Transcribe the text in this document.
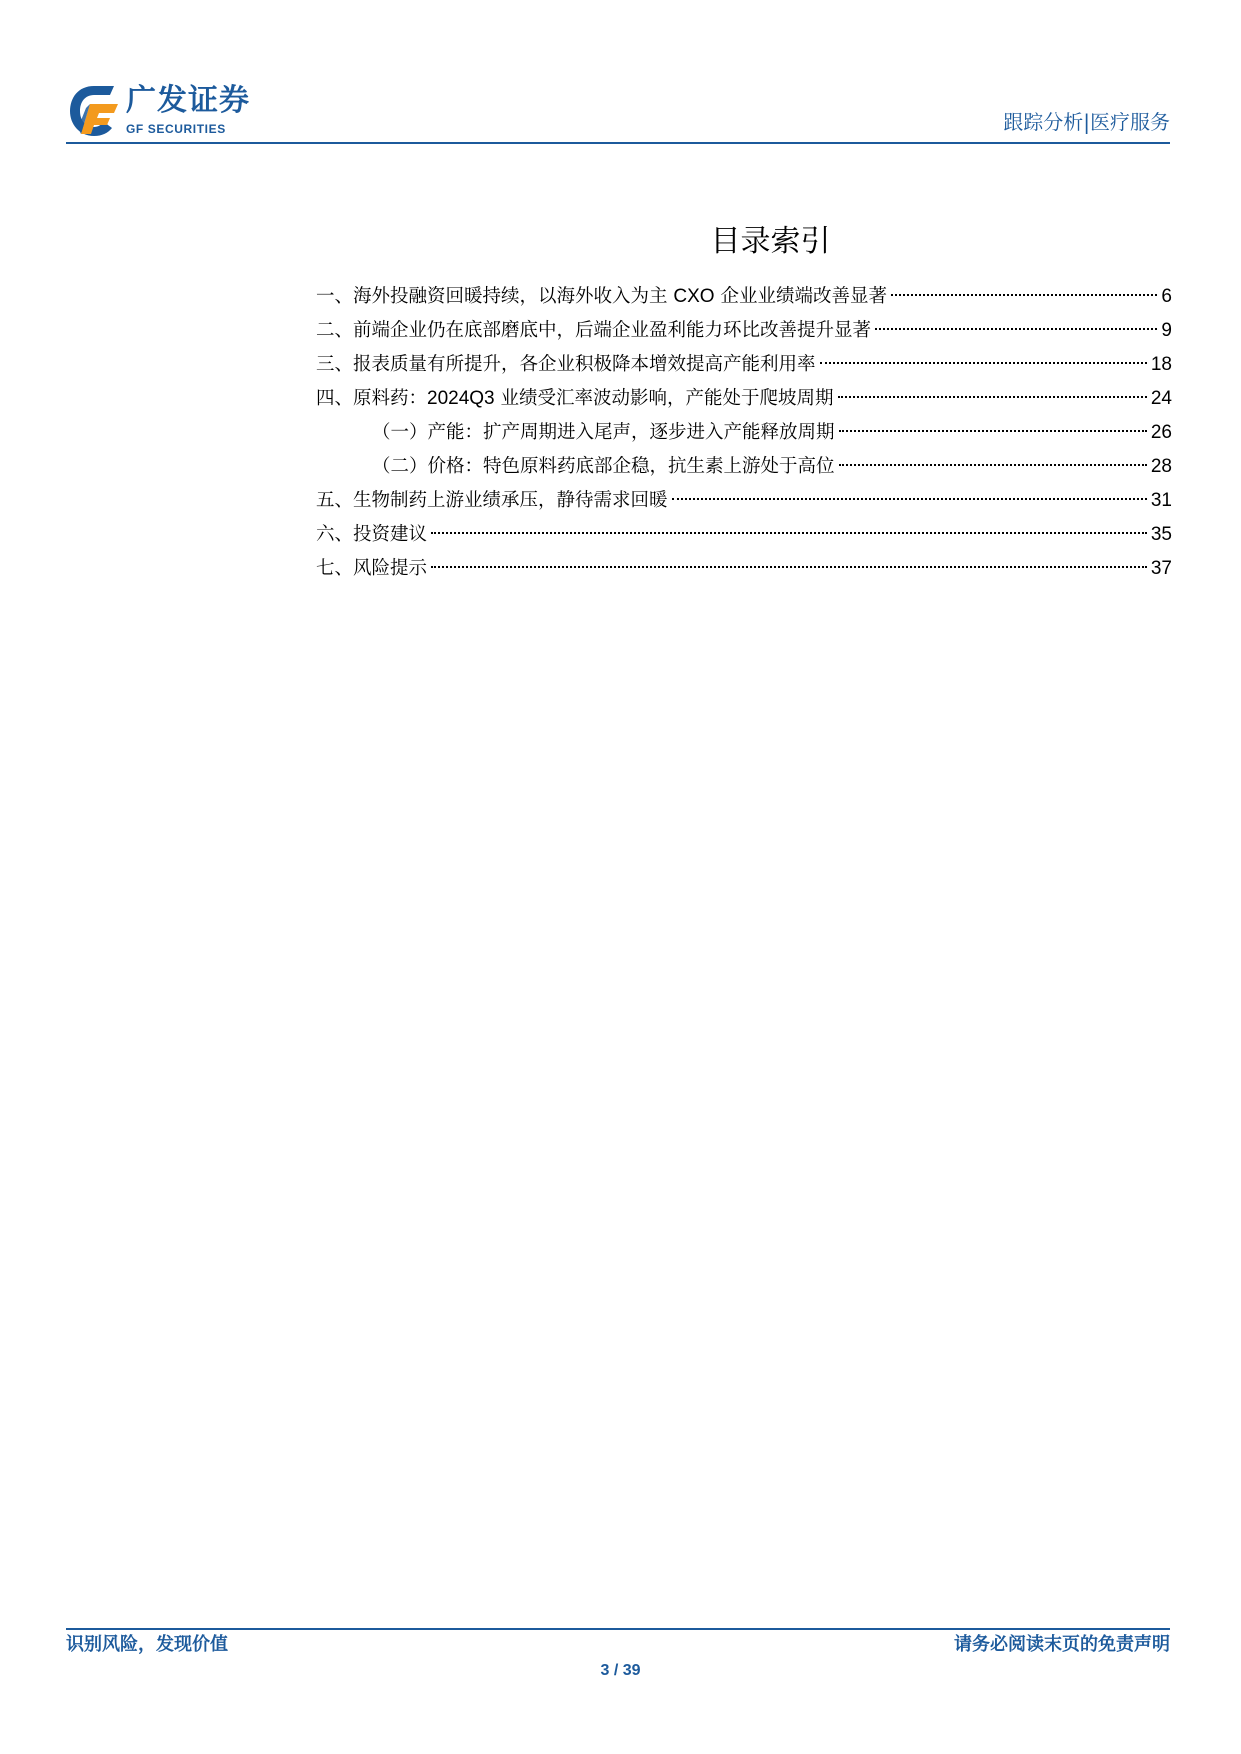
广发证券
GF SECURITIES	跟踪分析|医疗服务
目录索引
一、海外投融资回暖持续，以海外收入为主 CXO 企业业绩端改善显著	6
二、前端企业仍在底部磨底中，后端企业盈利能力环比改善提升显著	9
三、报表质量有所提升，各企业积极降本增效提高产能利用率	18
四、原料药：2024Q3 业绩受汇率波动影响，产能处于爬坡周期	24
（一）产能：扩产周期进入尾声，逐步进入产能释放周期	26
（二）价格：特色原料药底部企稳，抗生素上游处于高位	28
五、生物制药上游业绩承压，静待需求回暖	31
六、投资建议	35
七、风险提示	37
识别风险，发现价值	请务必阅读末页的免责声明
3 / 39
